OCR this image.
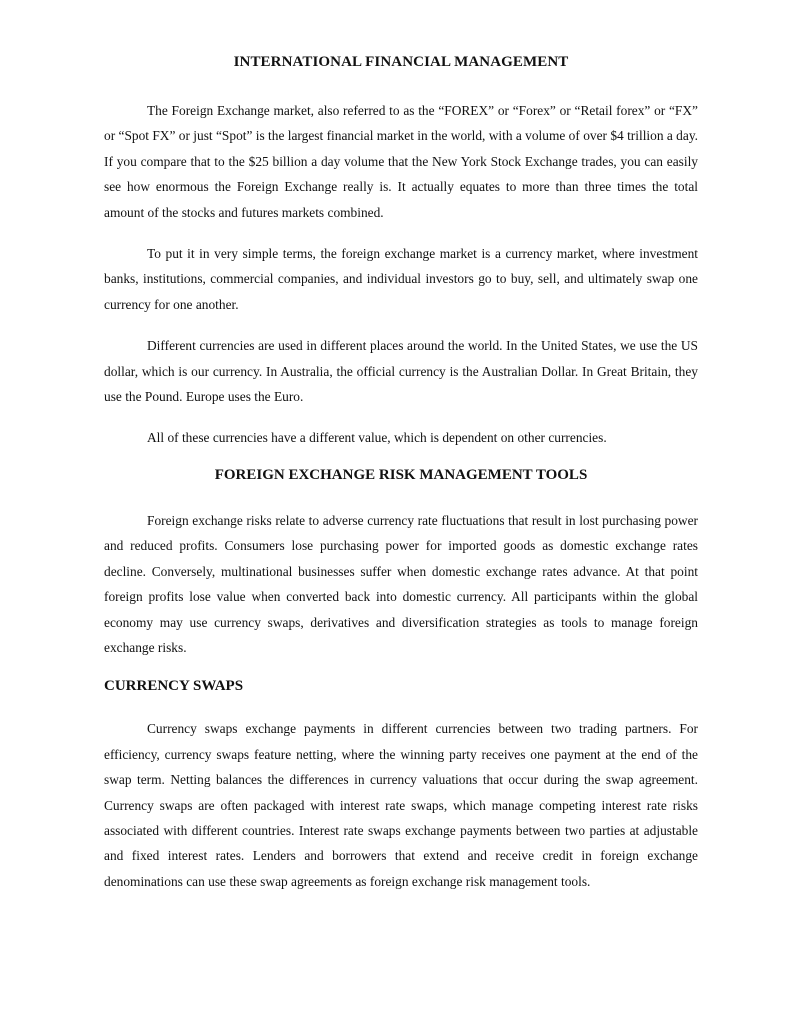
INTERNATIONAL FINANCIAL MANAGEMENT

The Foreign Exchange market, also referred to as the “FOREX” or “Forex” or “Retail forex” or “FX” or “Spot FX” or just “Spot” is the largest financial market in the world, with a volume of over $4 trillion a day. If you compare that to the $25 billion a day volume that the New York Stock Exchange trades, you can easily see how enormous the Foreign Exchange really is. It actually equates to more than three times the total amount of the stocks and futures markets combined.

To put it in very simple terms, the foreign exchange market is a currency market, where investment banks, institutions, commercial companies, and individual investors go to buy, sell, and ultimately swap one currency for one another.

Different currencies are used in different places around the world. In the United States, we use the US dollar, which is our currency. In Australia, the official currency is the Australian Dollar. In Great Britain, they use the Pound. Europe uses the Euro.

All of these currencies have a different value, which is dependent on other currencies.

FOREIGN EXCHANGE RISK MANAGEMENT TOOLS

Foreign exchange risks relate to adverse currency rate fluctuations that result in lost purchasing power and reduced profits. Consumers lose purchasing power for imported goods as domestic exchange rates decline. Conversely, multinational businesses suffer when domestic exchange rates advance. At that point foreign profits lose value when converted back into domestic currency. All participants within the global economy may use currency swaps, derivatives and diversification strategies as tools to manage foreign exchange risks.

CURRENCY SWAPS

Currency swaps exchange payments in different currencies between two trading partners. For efficiency, currency swaps feature netting, where the winning party receives one payment at the end of the swap term. Netting balances the differences in currency valuations that occur during the swap agreement. Currency swaps are often packaged with interest rate swaps, which manage competing interest rate risks associated with different countries. Interest rate swaps exchange payments between two parties at adjustable and fixed interest rates. Lenders and borrowers that extend and receive credit in foreign exchange denominations can use these swap agreements as foreign exchange risk management tools.
